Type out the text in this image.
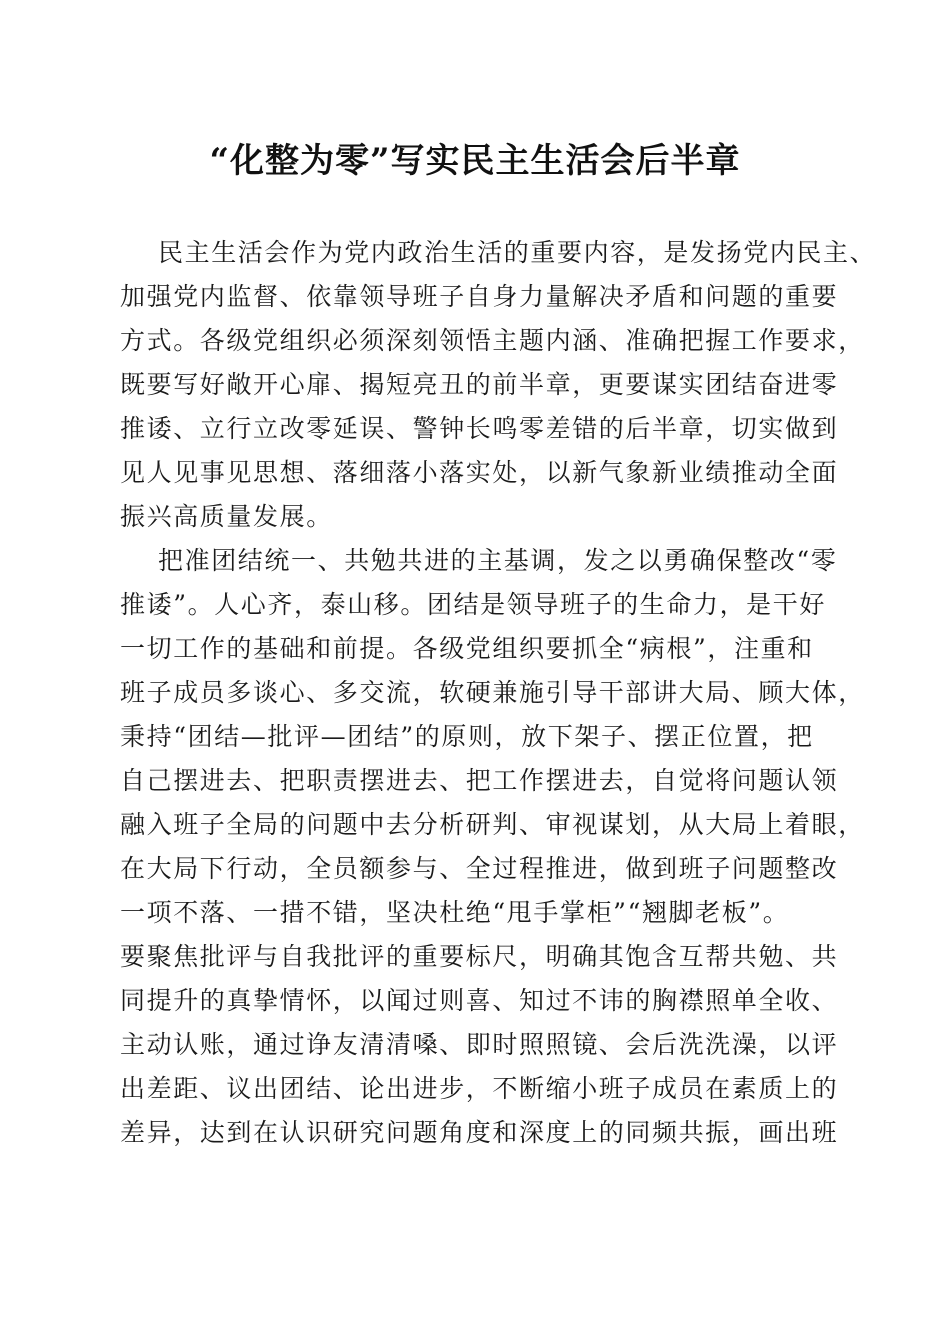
“化整为零”写实民主生活会后半章
民主生活会作为党内政治生活的重要内容，是发扬党内民主、
加强党内监督、依靠领导班子自身力量解决矛盾和问题的重要
方式。各级党组织必须深刻领悟主题内涵、准确把握工作要求，
既要写好敞开心扉、揭短亮丑的前半章，更要谋实团结奋进零
推诿、立行立改零延误、警钟长鸣零差错的后半章，切实做到
见人见事见思想、落细落小落实处，以新气象新业绩推动全面
振兴高质量发展。
把准团结统一、共勉共进的主基调，发之以勇确保整改“零
推诿”。人心齐，泰山移。团结是领导班子的生命力，是干好
一切工作的基础和前提。各级党组织要抓全“病根”，注重和
班子成员多谈心、多交流，软硬兼施引导干部讲大局、顾大体，
秉持“团结—批评—团结”的原则，放下架子、摆正位置，把
自己摆进去、把职责摆进去、把工作摆进去，自觉将问题认领
融入班子全局的问题中去分析研判、审视谋划，从大局上着眼，
在大局下行动，全员额参与、全过程推进，做到班子问题整改
一项不落、一措不错，坚决杜绝“甩手掌柜”“翘脚老板”。
要聚焦批评与自我批评的重要标尺，明确其饱含互帮共勉、共
同提升的真挚情怀，以闻过则喜、知过不讳的胸襟照单全收、
主动认账，通过诤友清清嗓、即时照照镜、会后洗洗澡，以评
出差距、议出团结、论出进步，不断缩小班子成员在素质上的
差异，达到在认识研究问题角度和深度上的同频共振，画出班
